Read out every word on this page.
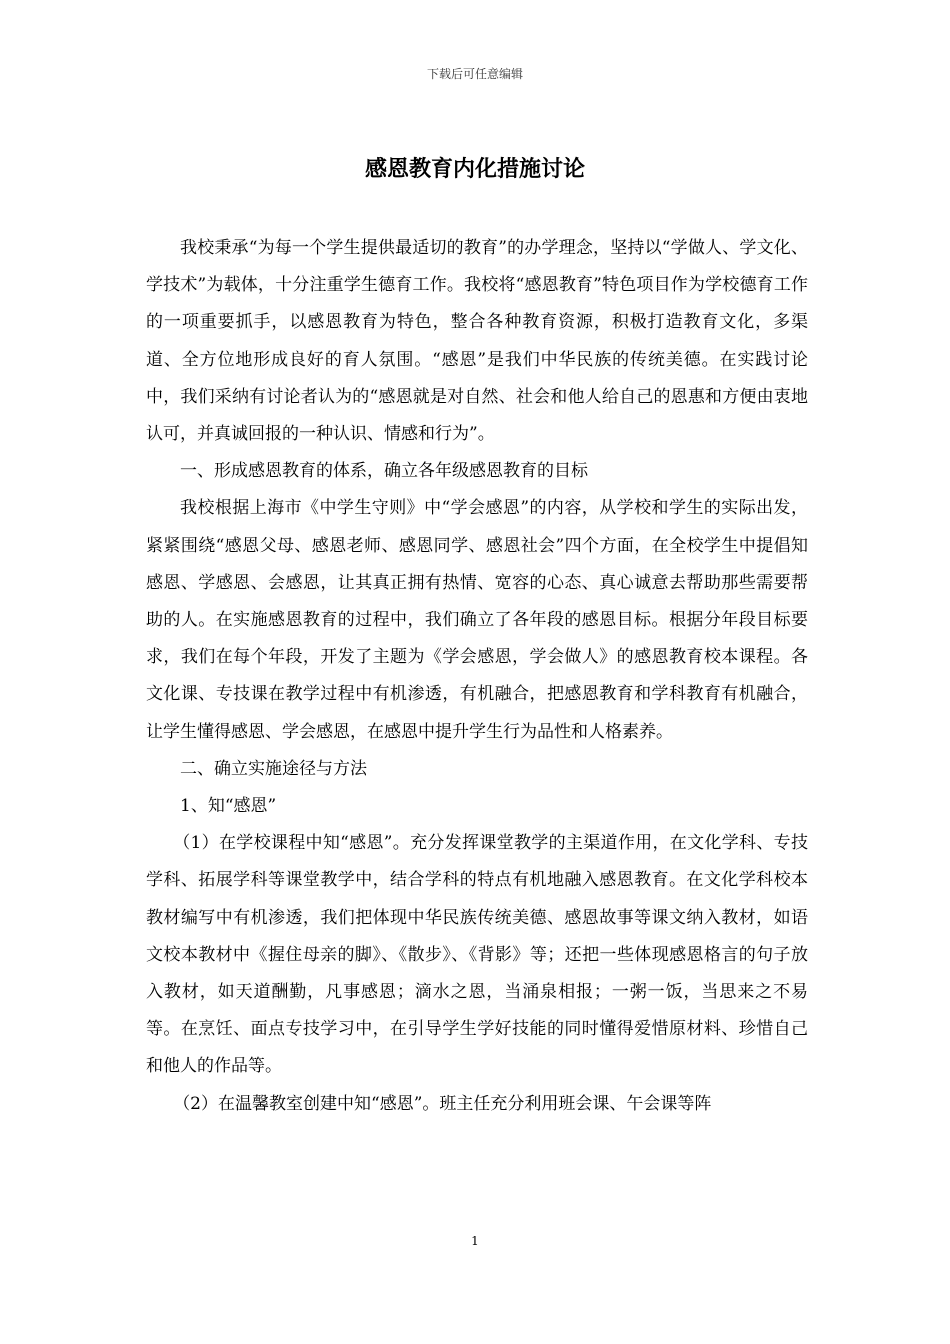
下载后可任意编辑
感恩教育内化措施讨论

我校秉承“为每一个学生提供最适切的教育”的办学理念，坚持以“学做人、学文化、学技术”为载体，十分注重学生德育工作。我校将“感恩教育”特色项目作为学校德育工作的一项重要抓手，以感恩教育为特色，整合各种教育资源，积极打造教育文化，多渠道、全方位地形成良好的育人氛围。“感恩”是我们中华民族的传统美德。在实践讨论中，我们采纳有讨论者认为的“感恩就是对自然、社会和他人给自己的恩惠和方便由衷地认可，并真诚回报的一种认识、情感和行为”。

一、形成感恩教育的体系，确立各年级感恩教育的目标

我校根据上海市《中学生守则》中“学会感恩”的内容，从学校和学生的实际出发，紧紧围绕“感恩父母、感恩老师、感恩同学、感恩社会”四个方面，在全校学生中提倡知感恩、学感恩、会感恩，让其真正拥有热情、宽容的心态、真心诚意去帮助那些需要帮助的人。在实施感恩教育的过程中，我们确立了各年段的感恩目标。根据分年段目标要求，我们在每个年段，开发了主题为《学会感恩，学会做人》的感恩教育校本课程。各文化课、专技课在教学过程中有机渗透，有机融合，把感恩教育和学科教育有机融合，让学生懂得感恩、学会感恩，在感恩中提升学生行为品性和人格素养。

二、确立实施途径与方法

1、知“感恩”

（1）在学校课程中知“感恩”。充分发挥课堂教学的主渠道作用，在文化学科、专技学科、拓展学科等课堂教学中，结合学科的特点有机地融入感恩教育。在文化学科校本教材编写中有机渗透，我们把体现中华民族传统美德、感恩故事等课文纳入教材，如语文校本教材中《握住母亲的脚》、《散步》、《背影》等；还把一些体现感恩格言的句子放入教材，如天道酬勤，凡事感恩；滴水之恩，当涌泉相报；一粥一饭，当思来之不易等。在烹饪、面点专技学习中，在引导学生学好技能的同时懂得爱惜原材料、珍惜自己和他人的作品等。

（2）在温馨教室创建中知“感恩”。班主任充分利用班会课、午会课等阵

1
